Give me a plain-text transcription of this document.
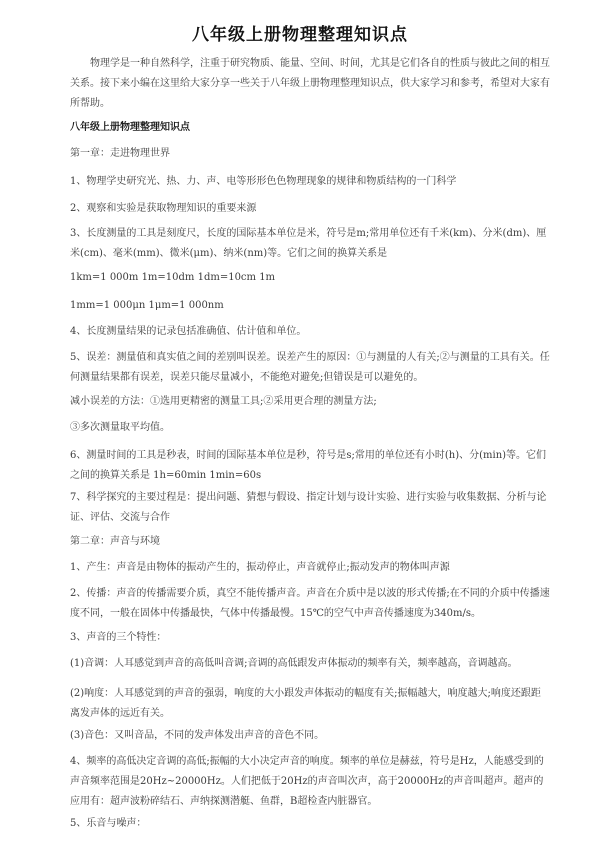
八年级上册物理整理知识点
物理学是一种自然科学，注重于研究物质、能量、空间、时间，尤其是它们各自的性质与彼此之间的相互关系。接下来小编在这里给大家分享一些关于八年级上册物理整理知识点，供大家学习和参考，希望对大家有所帮助。
八年级上册物理整理知识点
第一章：走进物理世界
1、物理学史研究光、热、力、声、电等形形色色物理现象的规律和物质结构的一门科学
2、观察和实验是获取物理知识的重要来源
3、长度测量的工具是刻度尺，长度的国际基本单位是米，符号是m;常用单位还有千米(km)、分米(dm)、厘米(cm)、毫米(mm)、微米(μm)、纳米(nm)等。它们之间的换算关系是
1km=1 000m 1m=10dm 1dm=10cm 1m
1mm=1 000μn 1μm=1 000nm
4、长度测量结果的记录包括准确值、估计值和单位。
5、误差：测量值和真实值之间的差别叫误差。误差产生的原因：①与测量的人有关;②与测量的工具有关。任何测量结果都有误差，误差只能尽量减小，不能绝对避免;但错误是可以避免的。
减小误差的方法：①选用更精密的测量工具;②采用更合理的测量方法;
③多次测量取平均值。
6、测量时间的工具是秒表，时间的国际基本单位是秒，符号是s;常用的单位还有小时(h)、分(min)等。它们之间的换算关系是 1h=60min 1min=60s
7、科学探究的主要过程是：提出问题、猜想与假设、指定计划与设计实验、进行实验与收集数据、分析与论证、评估、交流与合作
第二章：声音与环境
1、产生：声音是由物体的振动产生的，振动停止，声音就停止;振动发声的物体叫声源
2、传播：声音的传播需要介质，真空不能传播声音。声音在介质中是以波的形式传播;在不同的介质中传播速度不同，一般在固体中传播最快，气体中传播最慢。15℃的空气中声音传播速度为340m/s。
3、声音的三个特性：
(1)音调：人耳感觉到声音的高低叫音调;音调的高低跟发声体振动的频率有关，频率越高，音调越高。
(2)响度：人耳感觉到的声音的强弱，响度的大小跟发声体振动的幅度有关;振幅越大，响度越大;响度还跟距离发声体的远近有关。
(3)音色：又叫音品，不同的发声体发出声音的音色不同。
4、频率的高低决定音调的高低;振幅的大小决定声音的响度。频率的单位是赫兹，符号是Hz，人能感受到的声音频率范围是20Hz~20000Hz。人们把低于20Hz的声音叫次声，高于20000Hz的声音叫超声。超声的应用有：超声波粉碎结石、声纳探测潜艇、鱼群，B超检查内脏器官。
5、乐音与噪声：
